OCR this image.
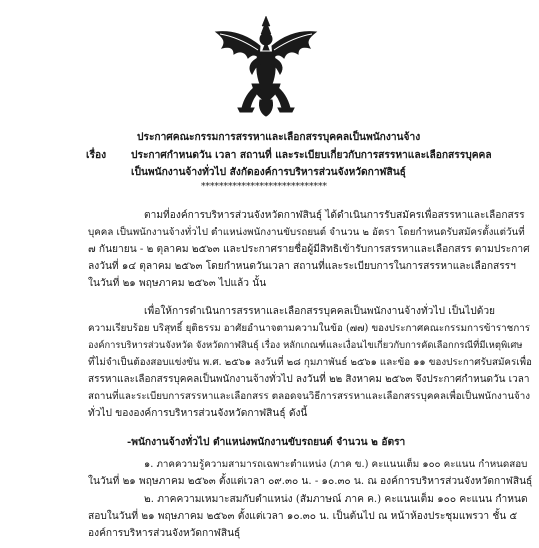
ประกาศคณะกรรมการสรรหาและเลือกสรรบุคคลเป็นพนักงานจ้าง
เรื่อง ประกาศกำหนดวัน เวลา สถานที่ และระเบียบเกี่ยวกับการสรรหาและเลือกสรรบุคคล
เป็นพนักงานจ้างทั่วไป สังกัดองค์การบริหารส่วนจังหวัดกาฬสินธุ์
****************************
ตามที่องค์การบริหารส่วนจังหวัดกาฬสินธุ์ ได้ดำเนินการรับสมัครเพื่อสรรหาและเลือกสรร
บุคคล เป็นพนักงานจ้างทั่วไป ตำแหน่งพนักงานขับรถยนต์ จำนวน ๒ อัตรา โดยกำหนดรับสมัครตั้งแต่วันที่
๗ กันยายน - ๒ ตุลาคม ๒๕๖๓ และประกาศรายชื่อผู้มีสิทธิเข้ารับการสรรหาและเลือกสรร ตามประกาศ
ลงวันที่ ๑๔ ตุลาคม ๒๕๖๓ โดยกำหนดวันเวลา สถานที่และระเบียบการในการสรรหาและเลือกสรรฯ
ในวันที่ ๒๑ พฤษภาคม ๒๕๖๓ ไปแล้ว นั้น
เพื่อให้การดำเนินการสรรหาและเลือกสรรบุคคลเป็นพนักงานจ้างทั่วไป เป็นไปด้วย
ความเรียบร้อย บริสุทธิ์ ยุติธรรม อาศัยอำนาจตามความในข้อ (๗๗) ของประกาศคณะกรรมการข้าราชการ
องค์การบริหารส่วนจังหวัด จังหวัดกาฬสินธุ์ เรื่อง หลักเกณฑ์และเงื่อนไขเกี่ยวกับการคัดเลือกกรณีที่มีเหตุพิเศษ
ที่ไม่จำเป็นต้องสอบแข่งขัน พ.ศ. ๒๕๖๑ ลงวันที่ ๒๘ กุมภาพันธ์ ๒๕๖๑ และข้อ ๑๑ ของประกาศรับสมัครเพื่อ
สรรหาและเลือกสรรบุคคลเป็นพนักงานจ้างทั่วไป ลงวันที่ ๒๒ สิงหาคม ๒๕๖๓ จึงประกาศกำหนดวัน เวลา
สถานที่และระเบียบการสรรหาและเลือกสรร ตลอดจนวิธีการสรรหาและเลือกสรรบุคคลเพื่อเป็นพนักงานจ้าง
ทั่วไป ขององค์การบริหารส่วนจังหวัดกาฬสินธุ์ ดังนี้
-พนักงานจ้างทั่วไป ตำแหน่งพนักงานขับรถยนต์ จำนวน ๒ อัตรา
๑. ภาคความรู้ความสามารถเฉพาะตำแหน่ง (ภาค ข.) คะแนนเต็ม ๑๐๐ คะแนน กำหนดสอบ
ในวันที่ ๒๑ พฤษภาคม ๒๕๖๓ ตั้งแต่เวลา ๐๙.๓๐ น. - ๑๐.๓๐ น. ณ องค์การบริหารส่วนจังหวัดกาฬสินธุ์
๒. ภาคความเหมาะสมกับตำแหน่ง (สัมภาษณ์ ภาค ค.) คะแนนเต็ม ๑๐๐ คะแนน กำหนด
สอบในวันที่ ๒๑ พฤษภาคม ๒๕๖๓ ตั้งแต่เวลา ๑๐.๓๐ น. เป็นต้นไป ณ หน้าห้องประชุมแพรวา ชั้น ๕
องค์การบริหารส่วนจังหวัดกาฬสินธุ์
